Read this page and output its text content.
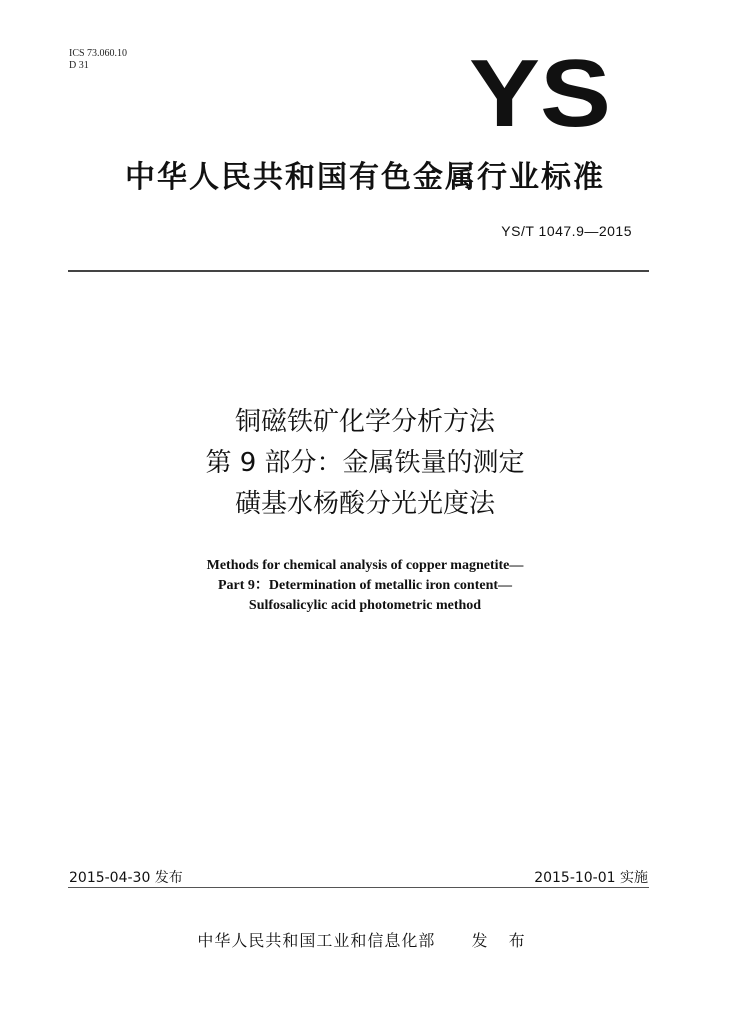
ICS 73.060.10
D 31	YS
中华人民共和国有色金属行业标准
YS/T 1047.9—2015
铜磁铁矿化学分析方法
第 9 部分：金属铁量的测定
磺基水杨酸分光光度法
Methods for chemical analysis of copper magnetite—
Part 9：Determination of metallic iron content—
Sulfosalicylic acid photometric method
2015-04-30 发布	2015-10-01 实施
中华人民共和国工业和信息化部 发 布
